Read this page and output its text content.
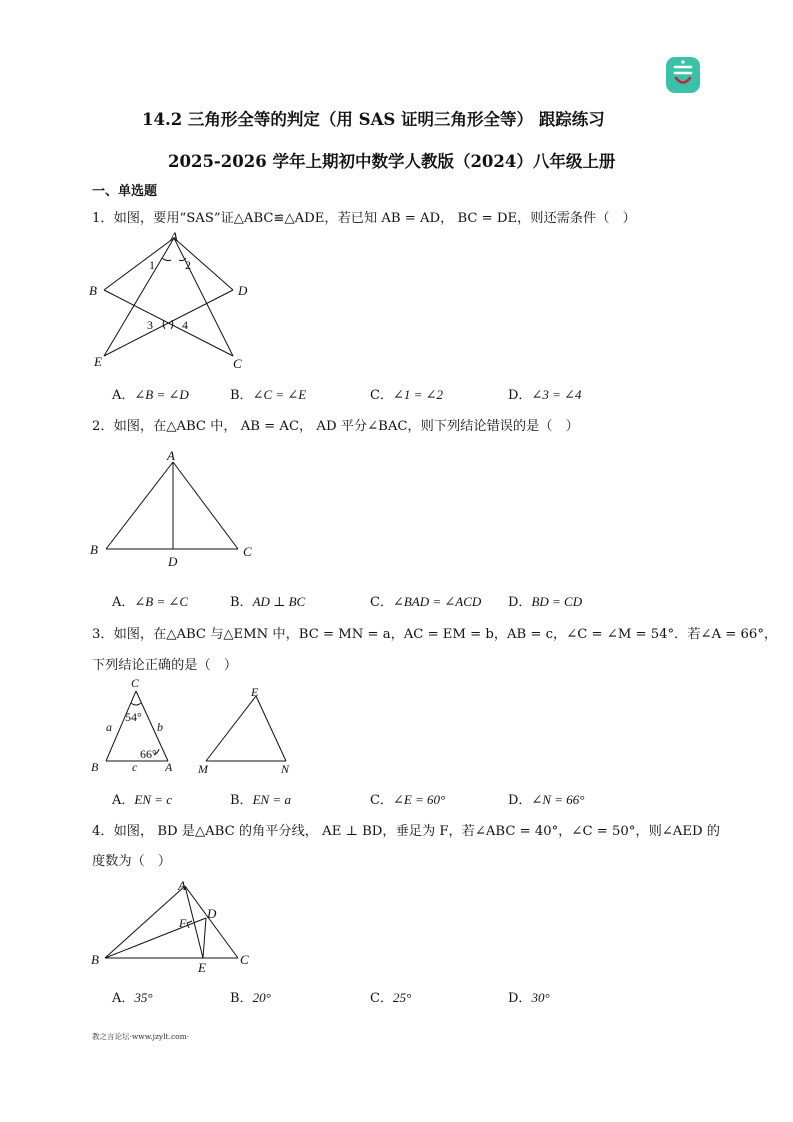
14.2 三角形全等的判定（用 SAS 证明三角形全等） 跟踪练习
2025-2026 学年上期初中数学人教版（2024）八年级上册
一、单选题
1．如图，要用“SAS”证△ABC≌△ADE，若已知 AB = AD， BC = DE，则还需条件（　）
A
B	D
E	C
1	2
3 4
A．∠B = ∠D	B．∠C = ∠E	C．∠1 = ∠2	D．∠3 = ∠4
2．如图，在△ABC 中， AB = AC， AD 平分∠BAC，则下列结论错误的是（　）
A
B
D
C
A．∠B = ∠C	B．AD ⊥ BC	C．∠BAD = ∠ACD D．BD = CD
3．如图，在△ABC 与△EMN 中，BC = MN = a，AC = EM = b，AB = c，∠C = ∠M = 54°．若∠A = 66°，
下列结论正确的是（　）
C
a	b
54°
66°
B	c A
E
M	N
A．EN = c	B．EN = a	C．∠E = 60°	D．∠N = 66°
4．如图， BD 是△ABC 的角平分线， AE ⊥ BD，垂足为 F，若∠ABC = 40°，∠C = 50°，则∠AED 的
度数为（　）
A
F
D
B
E
C
A．35°	B．20°	C．25°	D．30°
教之言论坛·www.jzylt.com·
